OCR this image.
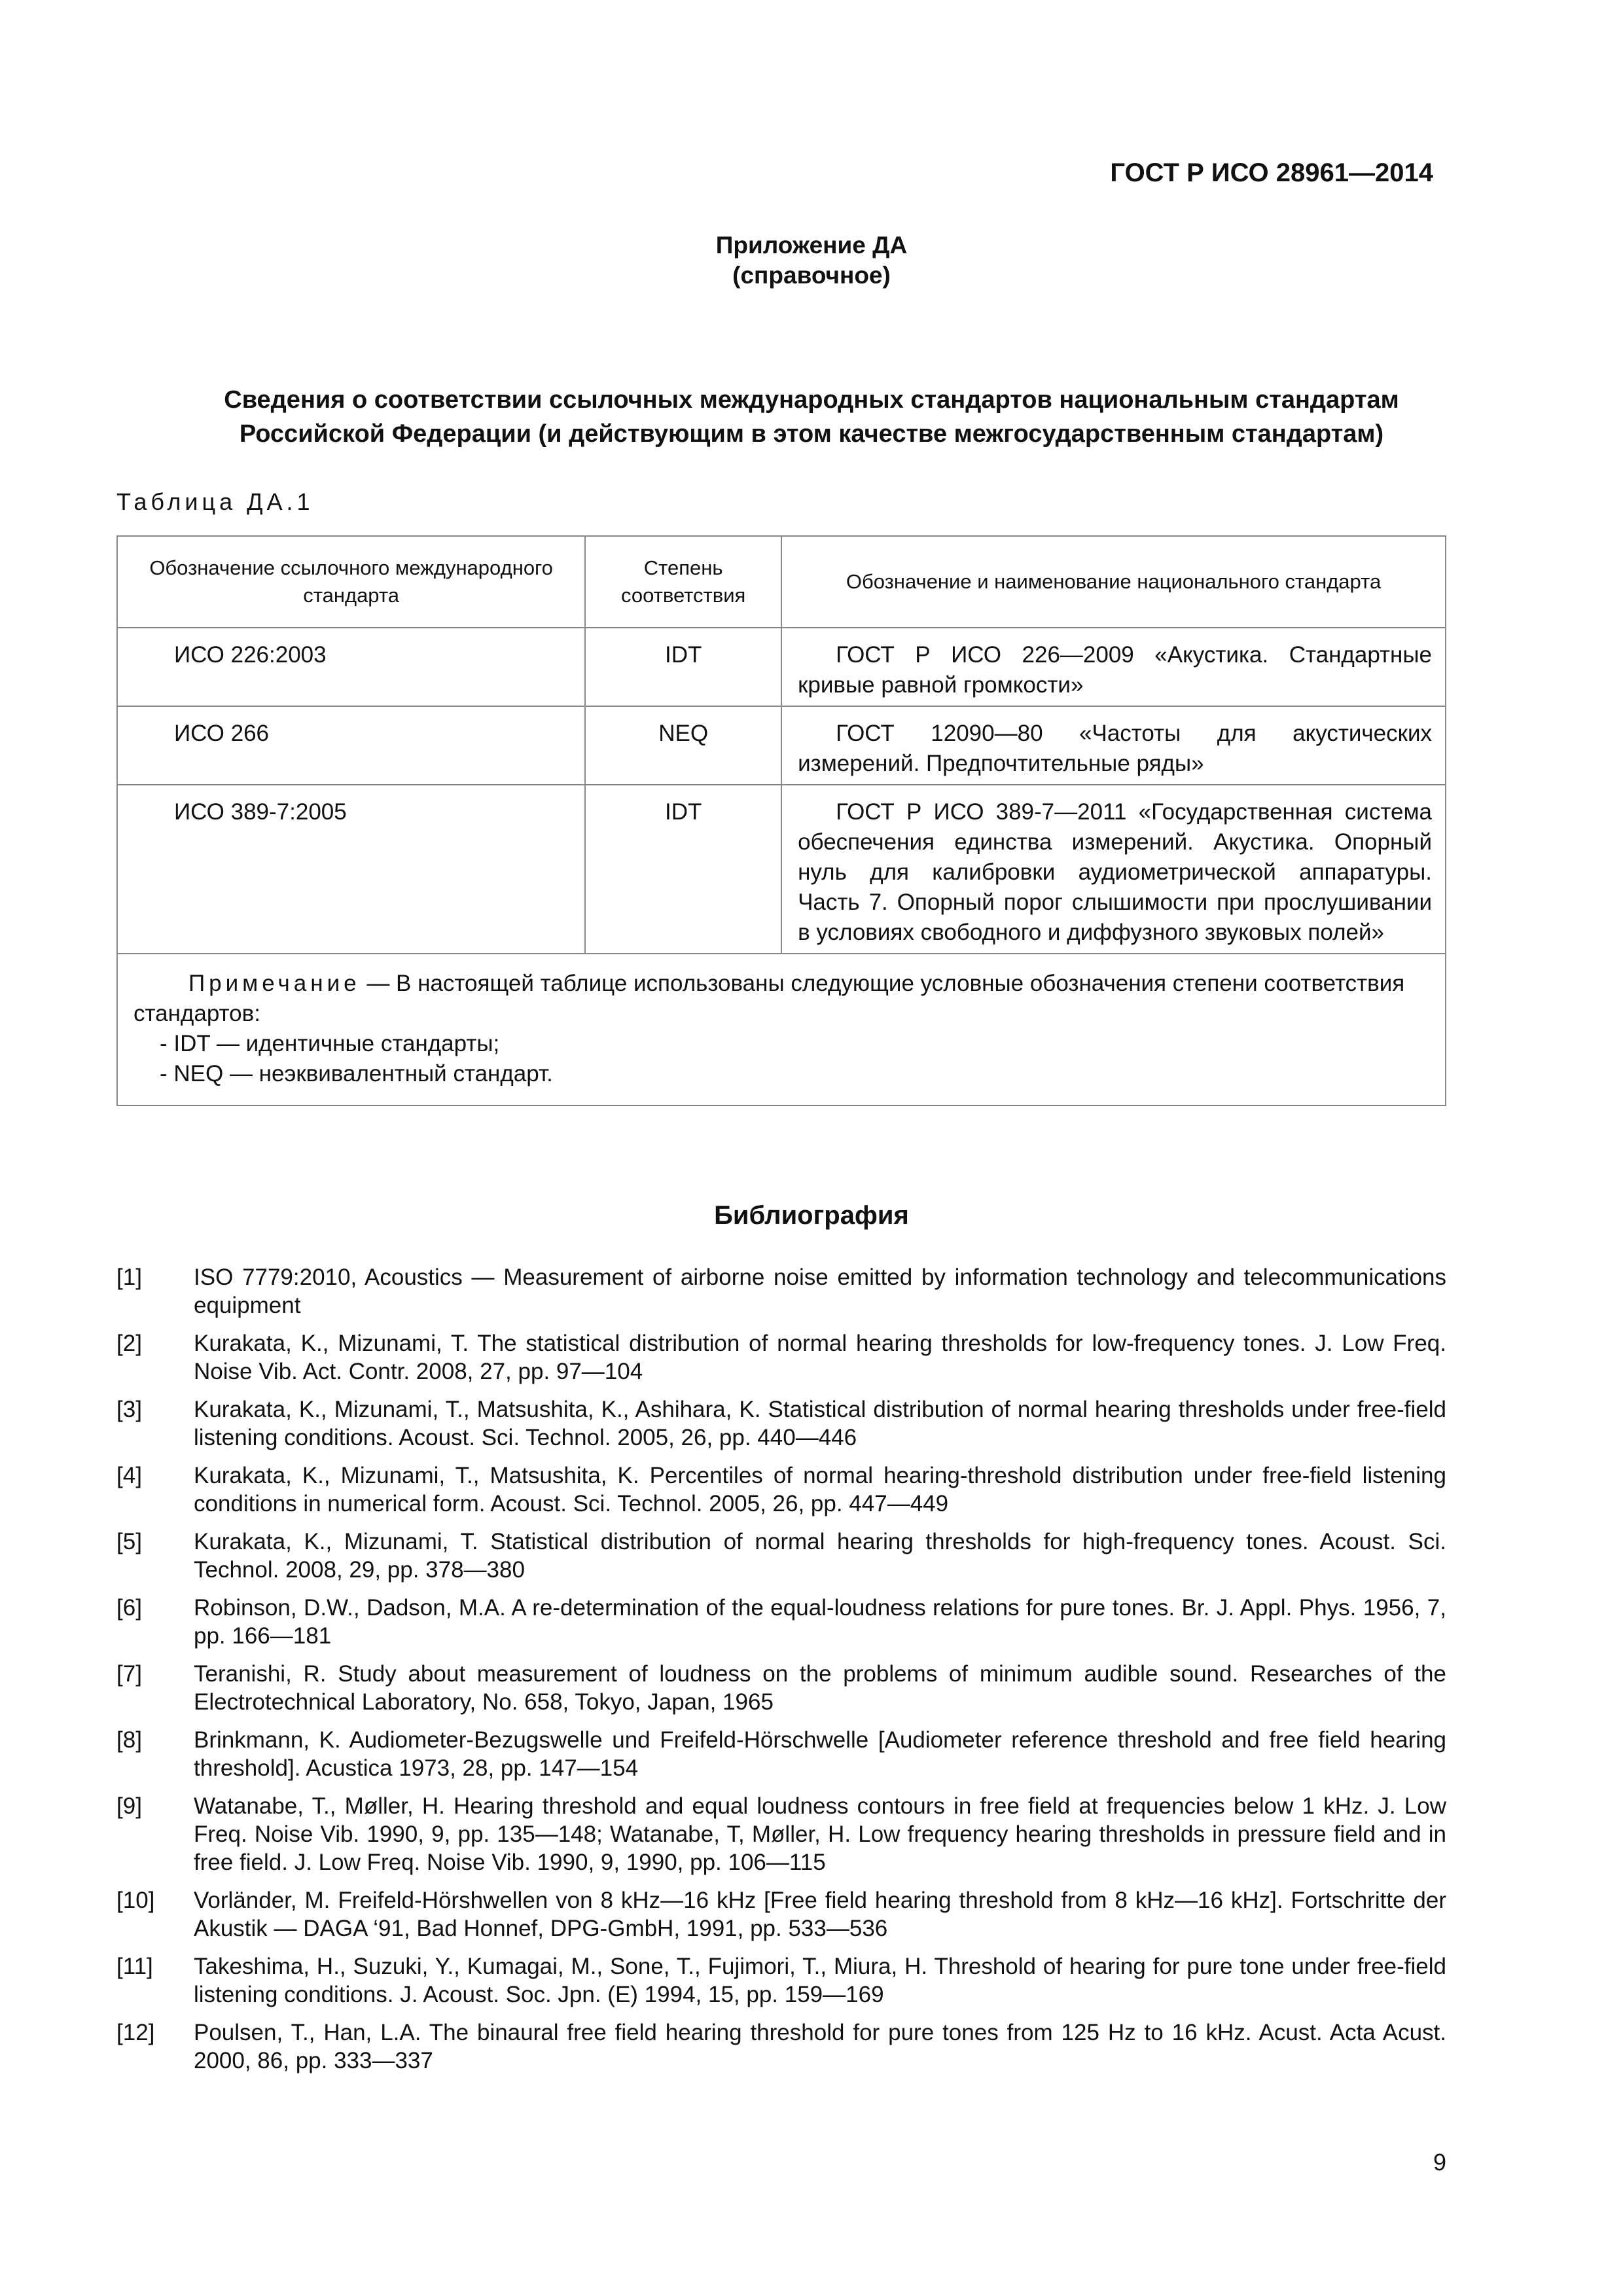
ГОСТ Р ИСО 28961—2014
Приложение ДА
(справочное)
Сведения о соответствии ссылочных международных стандартов национальным стандартам
Российской Федерации (и действующим в этом качестве межгосударственным стандартам)
Таблица ДА.1
Обозначение ссылочного международного стандарта	Степень соответствия	Обозначение и наименование национального стандарта
ИСО 226:2003	IDT	ГОСТ Р ИСО 226—2009 «Акустика. Стандартные кривые равной громкости»
ИСО 266	NEQ	ГОСТ 12090—80 «Частоты для акустических измерений. Предпочтительные ряды»
ИСО 389-7:2005	IDT	ГОСТ Р ИСО 389-7—2011 «Государственная система обеспечения единства измерений. Акустика. Опорный нуль для калибровки аудиометрической аппаратуры. Часть 7. Опорный порог слышимости при прослушивании в условиях свободного и диффузного звуковых полей»

Примечание — В настоящей таблице использованы следующие условные обозначения степени соответствия стандартов:
- IDT — идентичные стандарты;
- NEQ — неэквивалентный стандарт.		
Библиография
[1]	ISO 7779:2010, Acoustics — Measurement of airborne noise emitted by information technology and telecommunications equipment
[2]	Kurakata, K., Mizunami, T. The statistical distribution of normal hearing thresholds for low-frequency tones. J. Low Freq. Noise Vib. Act. Contr. 2008, 27, pp. 97—104
[3]	Kurakata, K., Mizunami, T., Matsushita, K., Ashihara, K. Statistical distribution of normal hearing thresholds under free-field listening conditions. Acoust. Sci. Technol. 2005, 26, pp. 440—446
[4]	Kurakata, K., Mizunami, T., Matsushita, K. Percentiles of normal hearing-threshold distribution under free-field listening conditions in numerical form. Acoust. Sci. Technol. 2005, 26, pp. 447—449
[5]	Kurakata, K., Mizunami, T. Statistical distribution of normal hearing thresholds for high-frequency tones. Acoust. Sci. Technol. 2008, 29, pp. 378—380
[6]	Robinson, D.W., Dadson, M.A. A re-determination of the equal-loudness relations for pure tones. Br. J. Appl. Phys. 1956, 7, pp. 166—181
[7]	Teranishi, R. Study about measurement of loudness on the problems of minimum audible sound. Researches of the Electrotechnical Laboratory, No. 658, Tokyo, Japan, 1965
[8]	Brinkmann, K. Audiometer-Bezugswelle und Freifeld-Hörschwelle [Audiometer reference threshold and free field hearing threshold]. Acustica 1973, 28, pp. 147—154
[9]	Watanabe, T., Møller, H. Hearing threshold and equal loudness contours in free field at frequencies below 1 kHz. J. Low Freq. Noise Vib. 1990, 9, pp. 135—148; Watanabe, T, Møller, H. Low frequency hearing thresholds in pressure field and in free field. J. Low Freq. Noise Vib. 1990, 9, 1990, pp. 106—115
[10]	Vorländer, M. Freifeld-Hörshwellen von 8 kHz—16 kHz [Free field hearing threshold from 8 kHz—16 kHz]. Fortschritte der Akustik — DAGA ‘91, Bad Honnef, DPG-GmbH, 1991, pp. 533—536
[11]	Takeshima, H., Suzuki, Y., Kumagai, M., Sone, T., Fujimori, T., Miura, H. Threshold of hearing for pure tone under free-field listening conditions. J. Acoust. Soc. Jpn. (E) 1994, 15, pp. 159—169
[12]	Poulsen, T., Han, L.A. The binaural free field hearing threshold for pure tones from 125 Hz to 16 kHz. Acust. Acta Acust. 2000, 86, pp. 333—337
9
